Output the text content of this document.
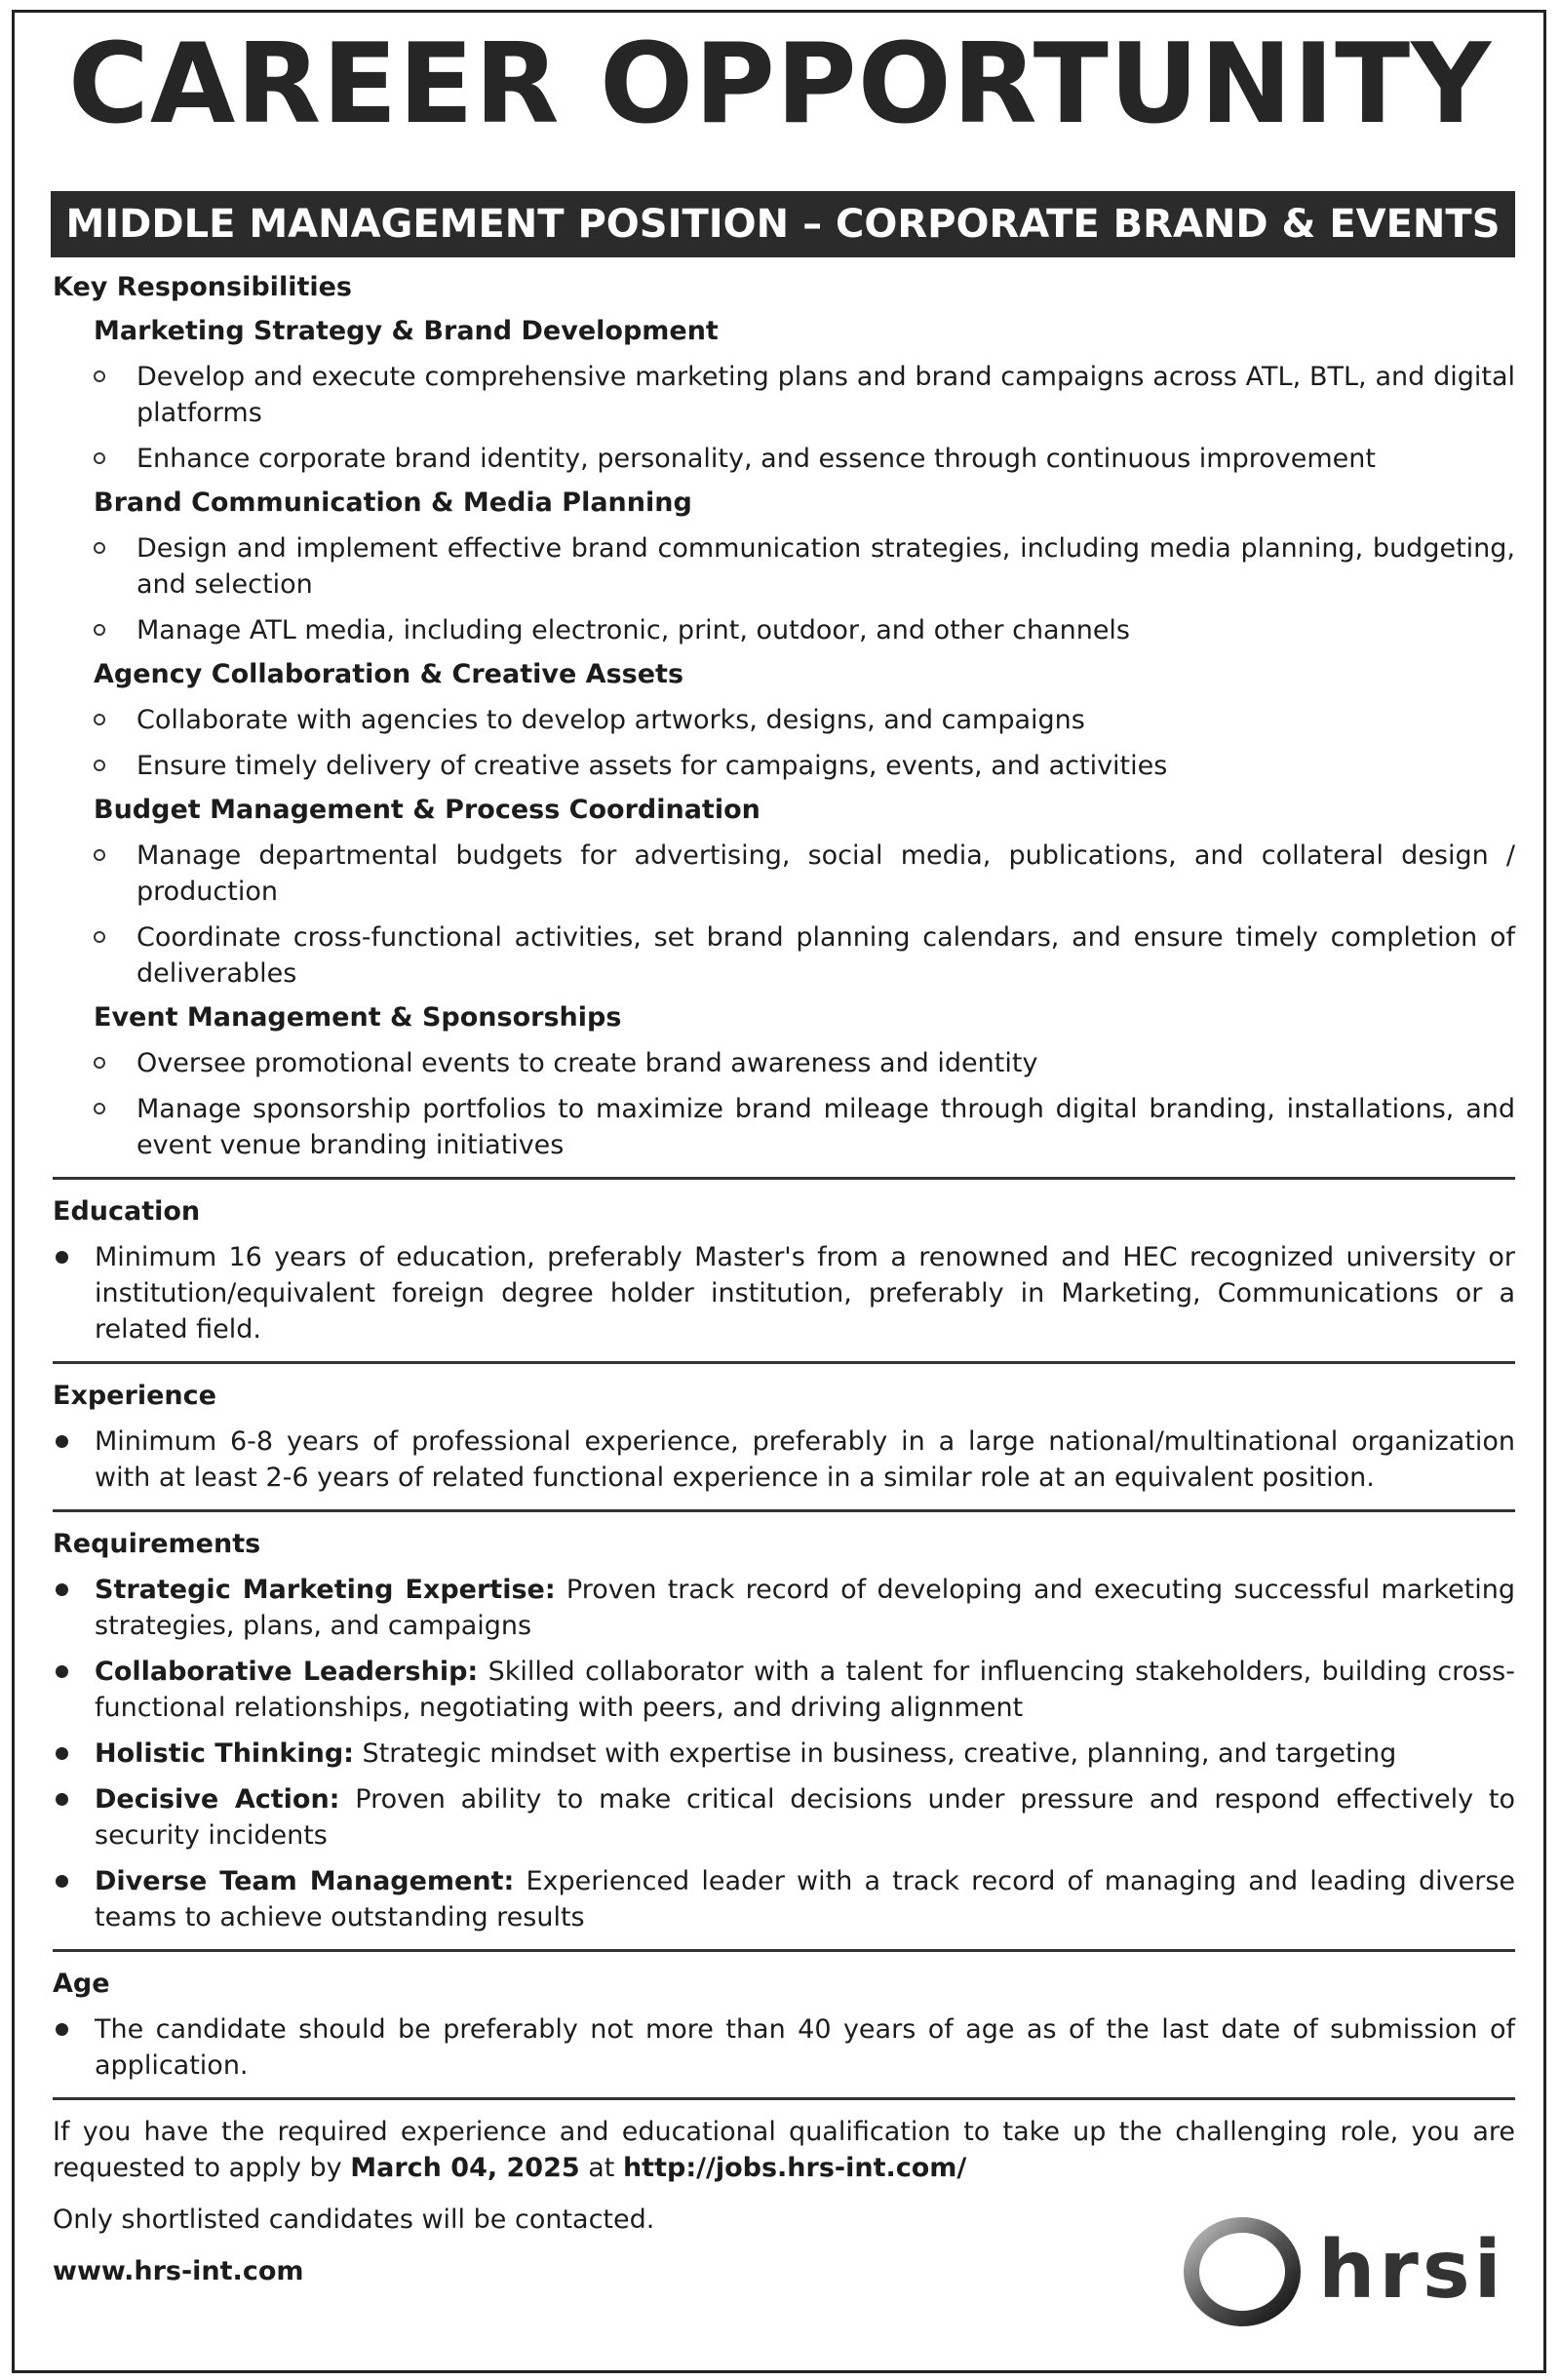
CAREER OPPORTUNITY
MIDDLE MANAGEMENT POSITION – CORPORATE BRAND & EVENTS
Key Responsibilities
Marketing Strategy & Brand Development
Develop and execute comprehensive marketing plans and brand campaigns across ATL, BTL, and digital platforms
Enhance corporate brand identity, personality, and essence through continuous improvement
Brand Communication & Media Planning
Design and implement effective brand communication strategies, including media planning, budgeting, and selection
Manage ATL media, including electronic, print, outdoor, and other channels
Agency Collaboration & Creative Assets
Collaborate with agencies to develop artworks, designs, and campaigns
Ensure timely delivery of creative assets for campaigns, events, and activities
Budget Management & Process Coordination
Manage departmental budgets for advertising, social media, publications, and collateral design / production
Coordinate cross-functional activities, set brand planning calendars, and ensure timely completion of deliverables
Event Management & Sponsorships
Oversee promotional events to create brand awareness and identity
Manage sponsorship portfolios to maximize brand mileage through digital branding, installations, and event venue branding initiatives
Education
Minimum 16 years of education, preferably Master's from a renowned and HEC recognized university or institution/equivalent foreign degree holder institution, preferably in Marketing, Communications or a related field.
Experience
Minimum 6-8 years of professional experience, preferably in a large national/multinational organization with at least 2-6 years of related functional experience in a similar role at an equivalent position.
Requirements
Strategic Marketing Expertise: Proven track record of developing and executing successful marketing strategies, plans, and campaigns
Collaborative Leadership: Skilled collaborator with a talent for influencing stakeholders, building cross-functional relationships, negotiating with peers, and driving alignment
Holistic Thinking: Strategic mindset with expertise in business, creative, planning, and targeting
Decisive Action: Proven ability to make critical decisions under pressure and respond effectively to security incidents
Diverse Team Management: Experienced leader with a track record of managing and leading diverse teams to achieve outstanding results
Age
The candidate should be preferably not more than 40 years of age as of the last date of submission of application.
If you have the required experience and educational qualification to take up the challenging role, you are requested to apply by March 04, 2025 at http://jobs.hrs-int.com/
Only shortlisted candidates will be contacted.
www.hrs-int.com	hrsi
